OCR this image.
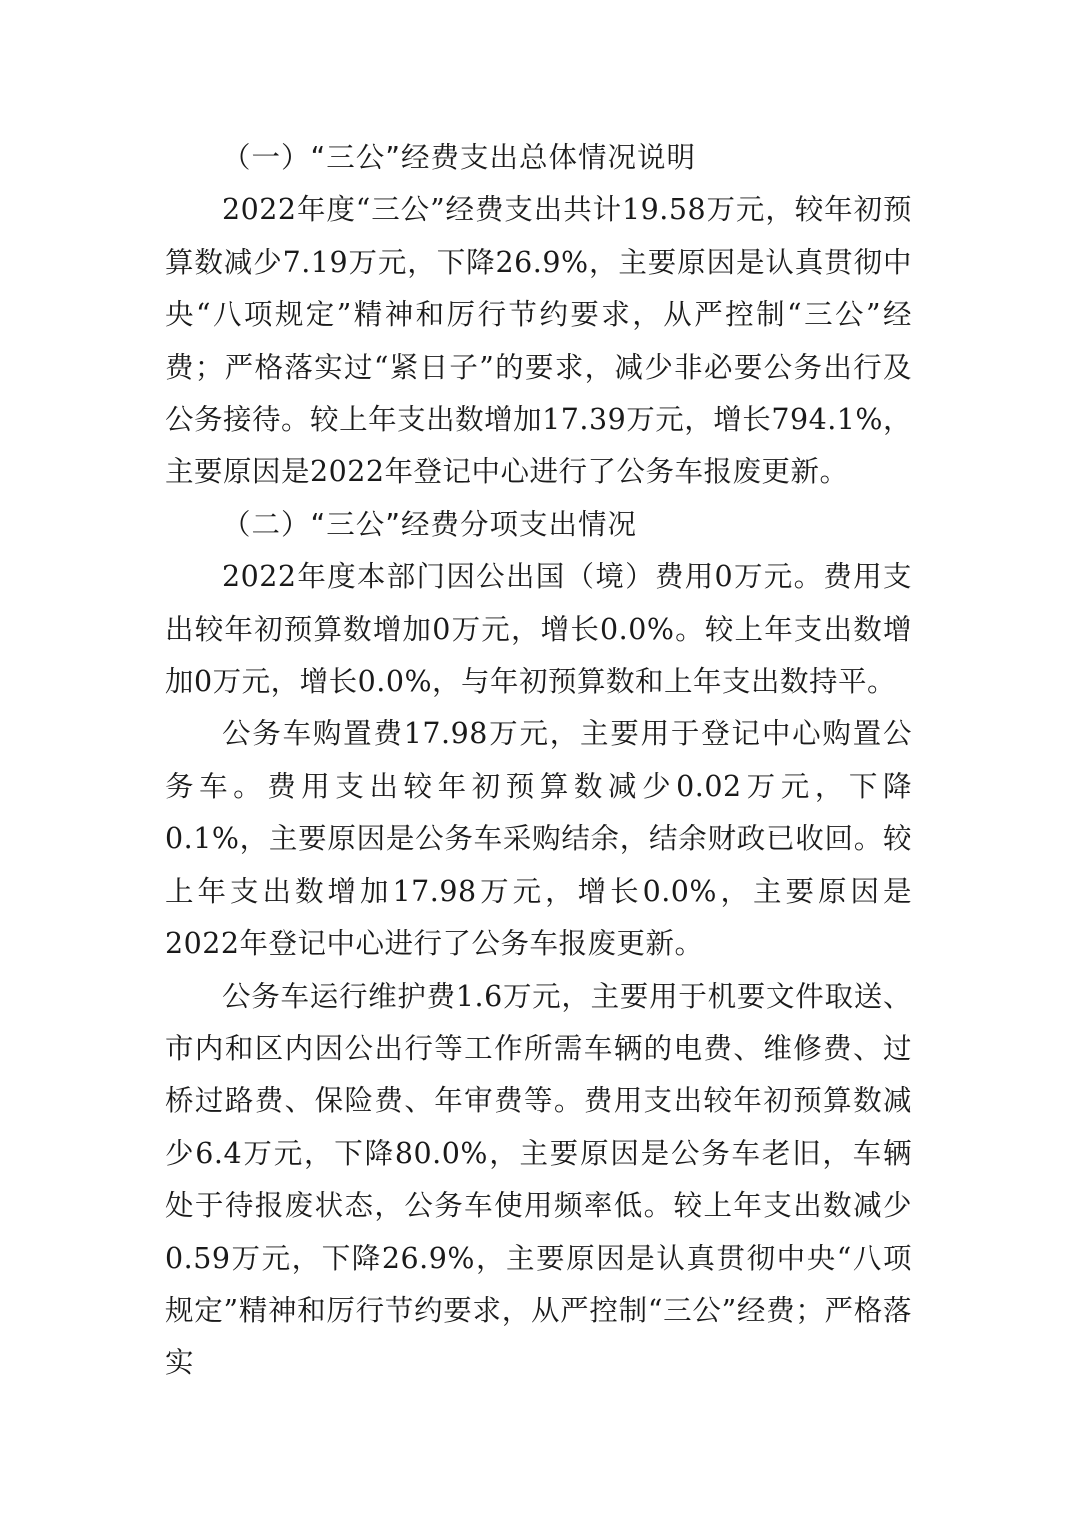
（一）“三公”经费支出总体情况说明

2022年度“三公”经费支出共计19.58万元，较年初预算数减少7.19万元，下降26.9%，主要原因是认真贯彻中央“八项规定”精神和厉行节约要求，从严控制“三公”经费；严格落实过“紧日子”的要求，减少非必要公务出行及公务接待。较上年支出数增加17.39万元，增长794.1%，主要原因是2022年登记中心进行了公务车报废更新。

（二）“三公”经费分项支出情况

2022年度本部门因公出国（境）费用0万元。费用支出较年初预算数增加0万元，增长0.0%。较上年支出数增加0万元，增长0.0%，与年初预算数和上年支出数持平。

公务车购置费17.98万元，主要用于登记中心购置公务车。费用支出较年初预算数减少0.02万元，下降0.1%，主要原因是公务车采购结余，结余财政已收回。较上年支出数增加17.98万元，增长0.0%，主要原因是2022年登记中心进行了公务车报废更新。

公务车运行维护费1.6万元，主要用于机要文件取送、市内和区内因公出行等工作所需车辆的电费、维修费、过桥过路费、保险费、年审费等。费用支出较年初预算数减少6.4万元，下降80.0%，主要原因是公务车老旧，车辆处于待报废状态，公务车使用频率低。较上年支出数减少0.59万元，下降26.9%，主要原因是认真贯彻中央“八项规定”精神和厉行节约要求，从严控制“三公”经费；严格落实
